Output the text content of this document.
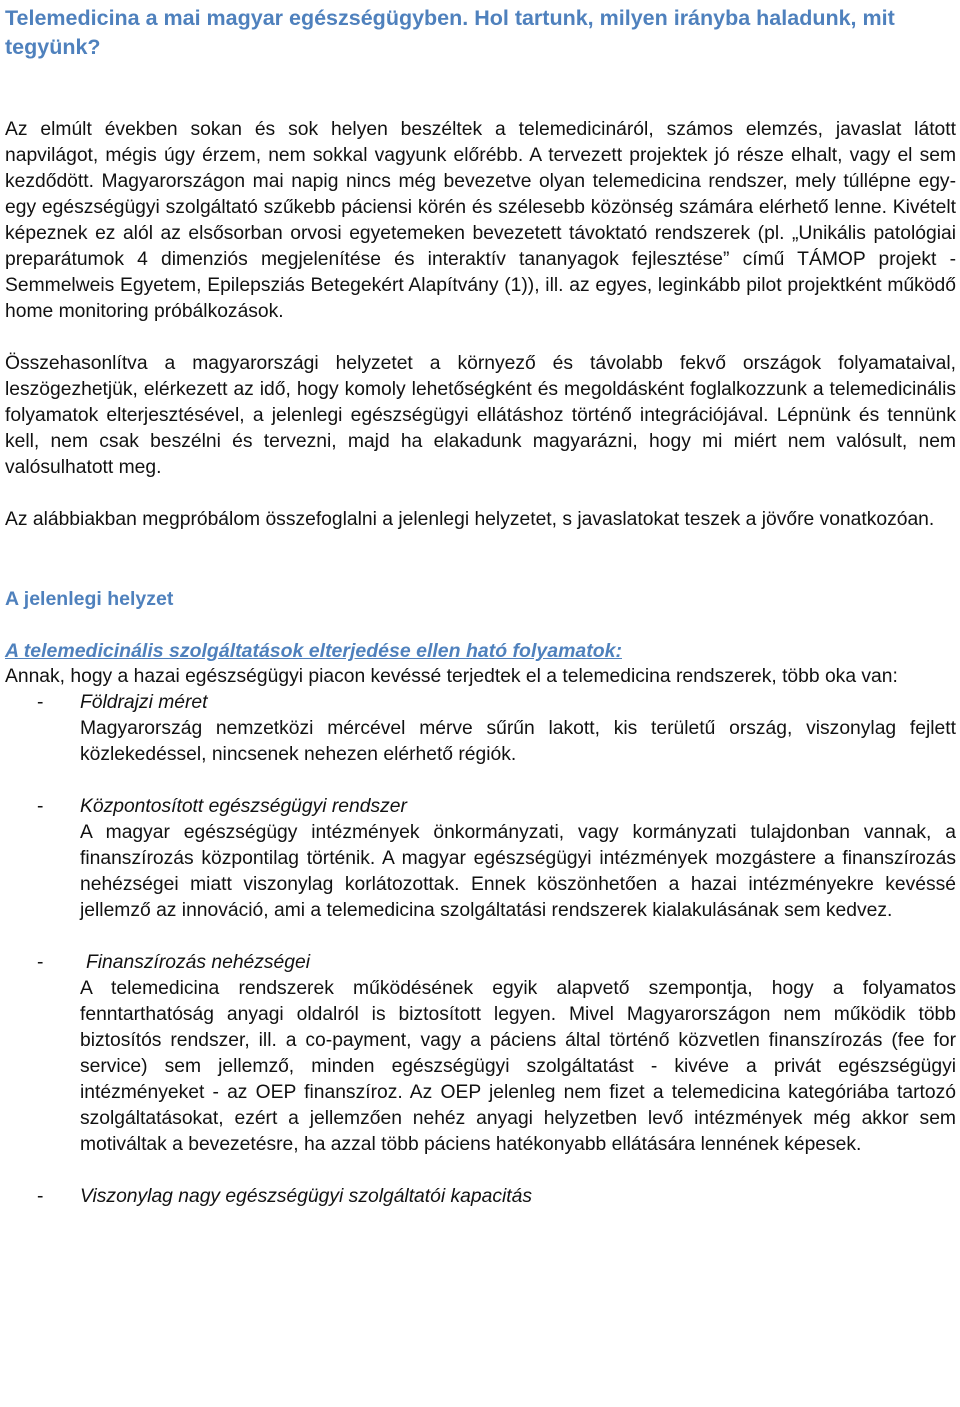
Telemedicina a mai magyar egészségügyben. Hol tartunk, milyen irányba haladunk, mit tegyünk?

Az elmúlt években sokan és sok helyen beszéltek a telemedicináról, számos elemzés, javaslat látott napvilágot, mégis úgy érzem, nem sokkal vagyunk előrébb. A tervezett projektek jó része elhalt, vagy el sem kezdődött. Magyarországon mai napig nincs még bevezetve olyan telemedicina rendszer, mely túllépne egy-egy egészségügyi szolgáltató szűkebb páciensi körén és szélesebb közönség számára elérhető lenne. Kivételt képeznek ez alól az elsősorban orvosi egyetemeken bevezetett távoktató rendszerek (pl. „Unikális patológiai preparátumok 4 dimenziós megjelenítése és interaktív tananyagok fejlesztése” című TÁMOP projekt - Semmelweis Egyetem, Epilepsziás Betegekért Alapítvány (1)), ill. az egyes, leginkább pilot projektként működő home monitoring próbálkozások.

Összehasonlítva a magyarországi helyzetet a környező és távolabb fekvő országok folyamataival, leszögezhetjük, elérkezett az idő, hogy komoly lehetőségként és megoldásként foglalkozzunk a telemedicinális folyamatok elterjesztésével, a jelenlegi egészségügyi ellátáshoz történő integrációjával. Lépnünk és tennünk kell, nem csak beszélni és tervezni, majd ha elakadunk magyarázni, hogy mi miért nem valósult, nem valósulhatott meg.

Az alábbiakban megpróbálom összefoglalni a jelenlegi helyzetet, s javaslatokat teszek a jövőre vonatkozóan.

A jelenlegi helyzet
A telemedicinális szolgáltatások elterjedése ellen ható folyamatok:

Annak, hogy a hazai egészségügyi piacon kevéssé terjedtek el a telemedicina rendszerek, több oka van:

-	Földrajzi méret

Magyarország nemzetközi mércével mérve sűrűn lakott, kis területű ország, viszonylag fejlett közlekedéssel, nincsenek nehezen elérhető régiók.

-	Központosított egészségügyi rendszer

A magyar egészségügy intézmények önkormányzati, vagy kormányzati tulajdonban vannak, a finanszírozás központilag történik. A magyar egészségügyi intézmények mozgástere a finanszírozás nehézségei miatt viszonylag korlátozottak. Ennek köszönhetően a hazai intézményekre kevéssé jellemző az innováció, ami a telemedicina szolgáltatási rendszerek kialakulásának sem kedvez.

-	Finanszírozás nehézségei

A telemedicina rendszerek működésének egyik alapvető szempontja, hogy a folyamatos fenntarthatóság anyagi oldalról is biztosított legyen. Mivel Magyarországon nem működik több biztosítós rendszer, ill. a co-payment, vagy a páciens által történő közvetlen finanszírozás (fee for service) sem jellemző, minden egészségügyi szolgáltatást - kivéve a privát egészségügyi intézményeket - az OEP finanszíroz. Az OEP jelenleg nem fizet a telemedicina kategóriába tartozó szolgáltatásokat, ezért a jellemzően nehéz anyagi helyzetben levő intézmények még akkor sem motiváltak a bevezetésre, ha azzal több páciens hatékonyabb ellátására lennének képesek.

-	Viszonylag nagy egészségügyi szolgáltatói kapacitás
